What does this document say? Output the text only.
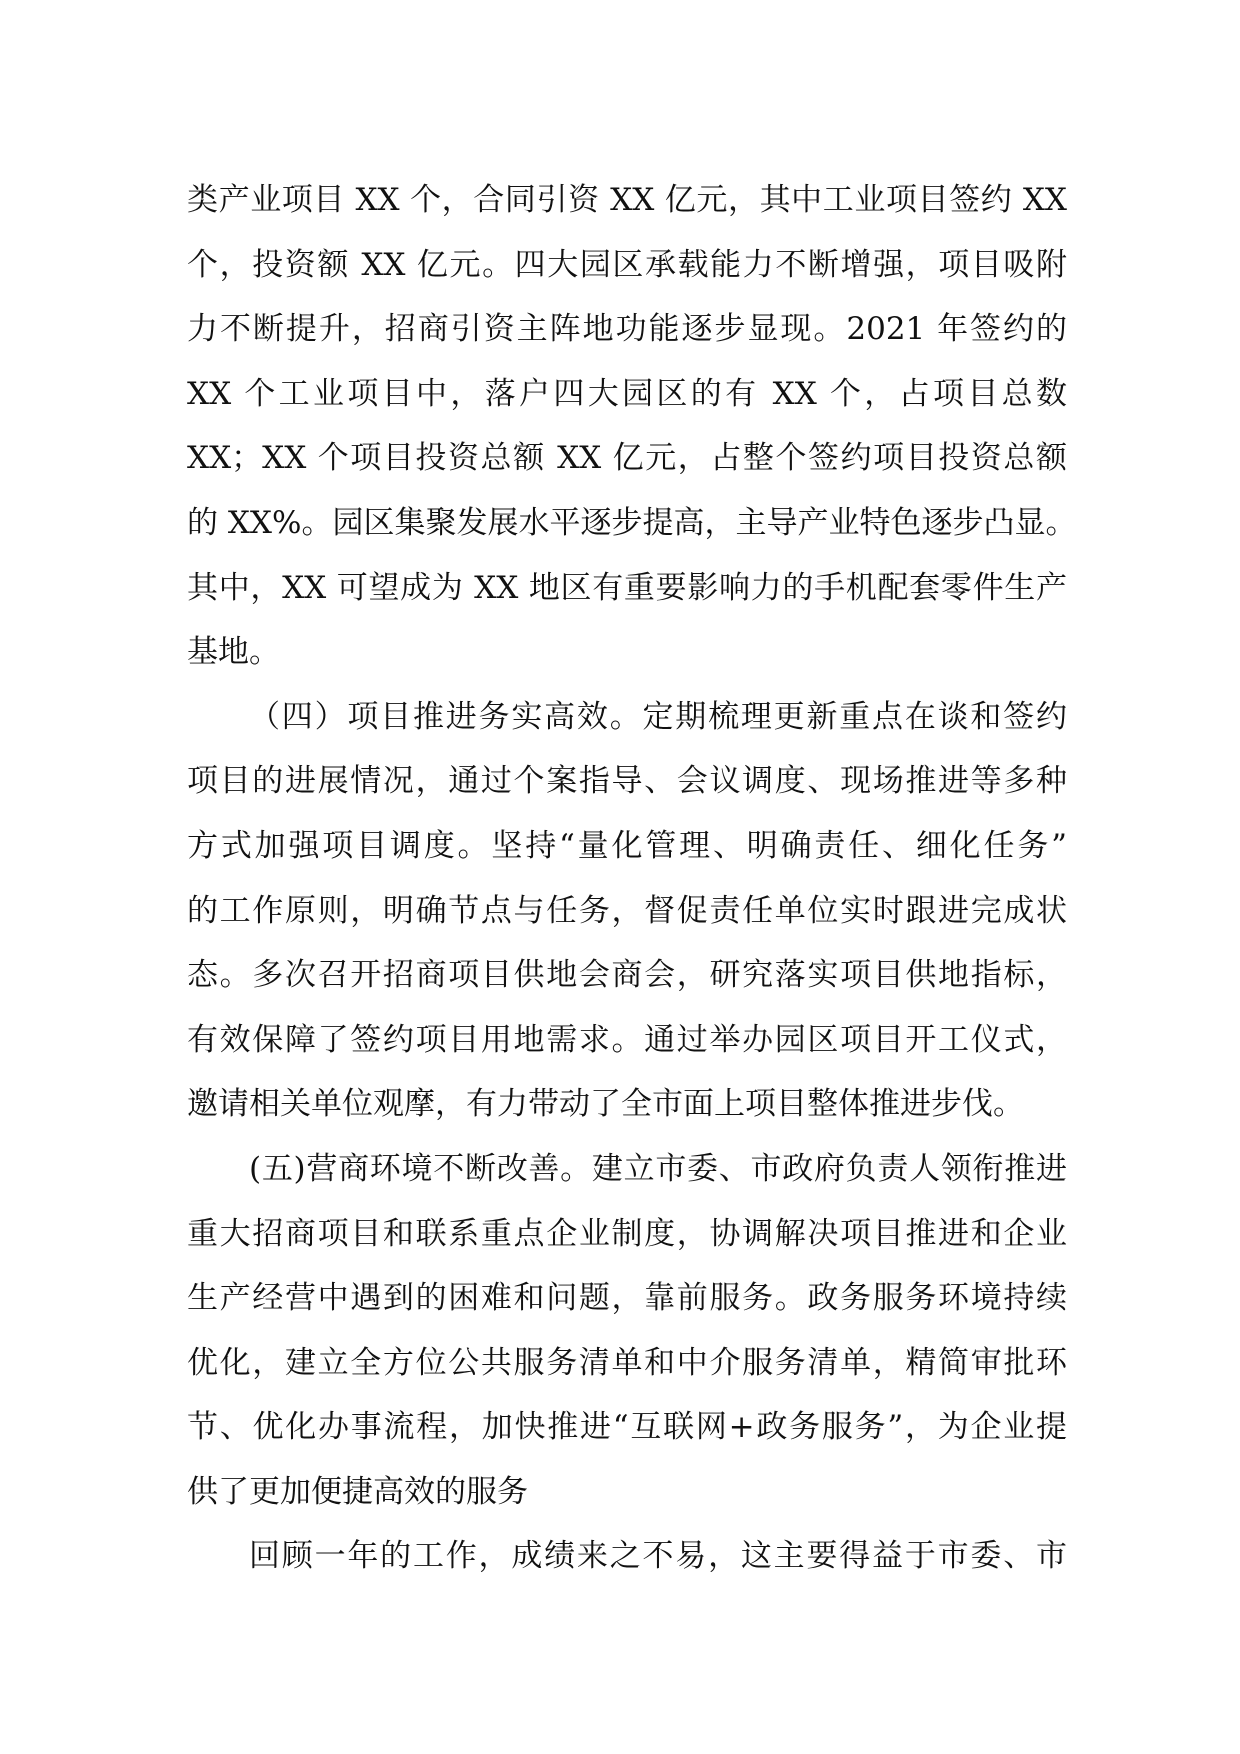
类产业项目 XX 个，合同引资 XX 亿元，其中工业项目签约 XX
个，投资额 XX 亿元。四大园区承载能力不断增强，项目吸附
力不断提升，招商引资主阵地功能逐步显现。2021 年签约的
XX 个工业项目中，落户四大园区的有 XX 个，占项目总数
XX；XX 个项目投资总额 XX 亿元，占整个签约项目投资总额
的 XX%。园区集聚发展水平逐步提高，主导产业特色逐步凸显。
其中，XX 可望成为 XX 地区有重要影响力的手机配套零件生产
基地。

（四）项目推进务实高效。定期梳理更新重点在谈和签约
项目的进展情况，通过个案指导、会议调度、现场推进等多种
方式加强项目调度。坚持“量化管理、明确责任、细化任务”
的工作原则，明确节点与任务，督促责任单位实时跟进完成状
态。多次召开招商项目供地会商会，研究落实项目供地指标，
有效保障了签约项目用地需求。通过举办园区项目开工仪式，
邀请相关单位观摩，有力带动了全市面上项目整体推进步伐。

(五)营商环境不断改善。建立市委、市政府负责人领衔推进
重大招商项目和联系重点企业制度，协调解决项目推进和企业
生产经营中遇到的困难和问题，靠前服务。政务服务环境持续
优化，建立全方位公共服务清单和中介服务清单，精简审批环
节、优化办事流程，加快推进“互联网+政务服务”，为企业提
供了更加便捷高效的服务

回顾一年的工作，成绩来之不易，这主要得益于市委、市
